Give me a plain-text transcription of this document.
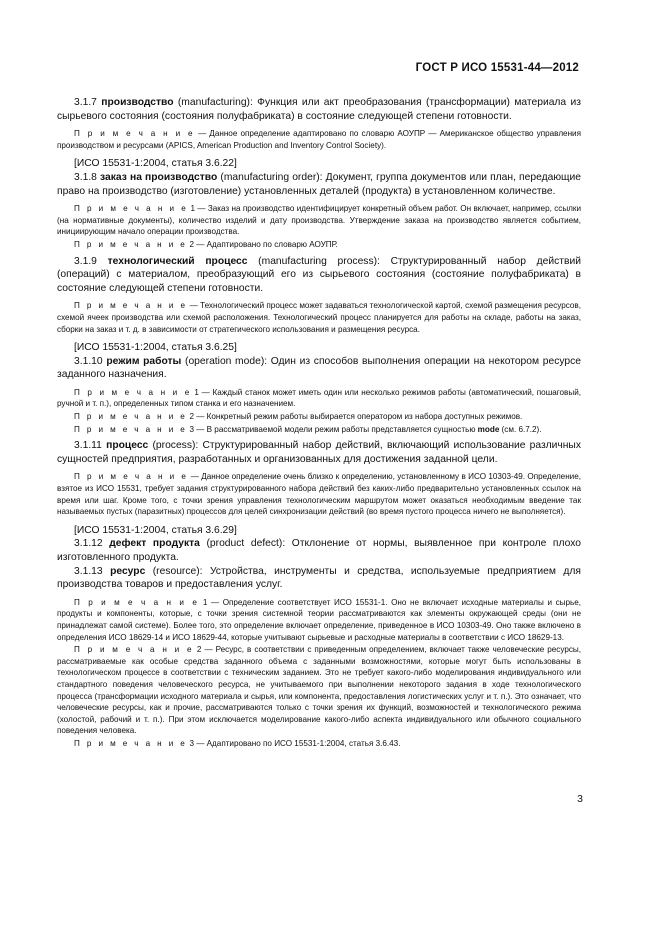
ГОСТ Р ИСО 15531-44—2012

3.1.7 производство (manufacturing): Функция или акт преобразования (трансформации) материала из сырьевого состояния (состояния полуфабриката) в состояние следующей степени готовности.

П р и м е ч а н и е — Данное определение адаптировано по словарю АОУПР — Американское общество управления производством и ресурсами (APICS, American Production and Inventory Control Society).

[ИСО 15531-1:2004, статья 3.6.22]

3.1.8 заказ на производство (manufacturing order): Документ, группа документов или план, передающие право на производство (изготовление) установленных деталей (продукта) в установленном количестве.

П р и м е ч а н и е 1 — Заказ на производство идентифицирует конкретный объем работ. Он включает, например, ссылки (на нормативные документы), количество изделий и дату производства. Утверждение заказа на производство является событием, инициирующим начало операции производства.

П р и м е ч а н и е 2 — Адаптировано по словарю АОУПР.

3.1.9 технологический процесс (manufacturing process): Структурированный набор действий (операций) с материалом, преобразующий его из сырьевого состояния (состояние полуфабриката) в состояние следующей степени готовности.

П р и м е ч а н и е — Технологический процесс может задаваться технологической картой, схемой размещения ресурсов, схемой ячеек производства или схемой расположения. Технологический процесс планируется для работы на складе, работы на заказ, сборки на заказ и т. д. в зависимости от стратегического использования и размещения ресурса.

[ИСО 15531-1:2004, статья 3.6.25]

3.1.10 режим работы (operation mode): Один из способов выполнения операции на некотором ресурсе заданного назначения.

П р и м е ч а н и е 1 — Каждый станок может иметь один или несколько режимов работы (автоматический, пошаговый, ручной и т. п.), определенных типом станка и его назначением.

П р и м е ч а н и е 2 — Конкретный режим работы выбирается оператором из набора доступных режимов.

П р и м е ч а н и е 3 — В рассматриваемой модели режим работы представляется сущностью mode (см. 6.7.2).

3.1.11 процесс (process): Структурированный набор действий, включающий использование различных сущностей предприятия, разработанных и организованных для достижения заданной цели.

П р и м е ч а н и е — Данное определение очень близко к определению, установленному в ИСО 10303-49. Определение, взятое из ИСО 15531, требует задания структурированного набора действий без каких-либо предварительно установленных ссылок на время или шаг. Кроме того, с точки зрения управления технологическим маршрутом может оказаться необходимым введение так называемых пустых (паразитных) процессов для целей синхронизации действий (во время пустого процесса ничего не выполняется).

[ИСО 15531-1:2004, статья 3.6.29]

3.1.12 дефект продукта (product defect): Отклонение от нормы, выявленное при контроле плохо изготовленного продукта.

3.1.13 ресурс (resource): Устройства, инструменты и средства, используемые предприятием для производства товаров и предоставления услуг.

П р и м е ч а н и е 1 — Определение соответствует ИСО 15531-1. Оно не включает исходные материалы и сырье, продукты и компоненты, которые, с точки зрения системной теории рассматриваются как элементы окружающей среды (они не принадлежат самой системе). Более того, это определение включает определение, приведенное в ИСО 10303-49. Оно также включено в определения ИСО 18629-14 и ИСО 18629-44, которые учитывают сырьевые и расходные материалы в соответствии с ИСО 18629-13.

П р и м е ч а н и е 2 — Ресурс, в соответствии с приведенным определением, включает также человеческие ресурсы, рассматриваемые как особые средства заданного объема с заданными возможностями, которые могут быть использованы в технологическом процессе в соответствии с техническим заданием. Это не требует какого-либо моделирования индивидуального или стандартного поведения человеческого ресурса, не учитываемого при выполнении некоторого задания в ходе технологического процесса (трансформации исходного материала и сырья, или компонента, предоставления логистических услуг и т. п.). Это означает, что человеческие ресурсы, как и прочие, рассматриваются только с точки зрения их функций, возможностей и технологического режима (холостой, рабочий и т. п.). При этом исключается моделирование какого-либо аспекта индивидуального или обычного социального поведения человека.

П р и м е ч а н и е 3 — Адаптировано по ИСО 15531-1:2004, статья 3.6.43.

3
